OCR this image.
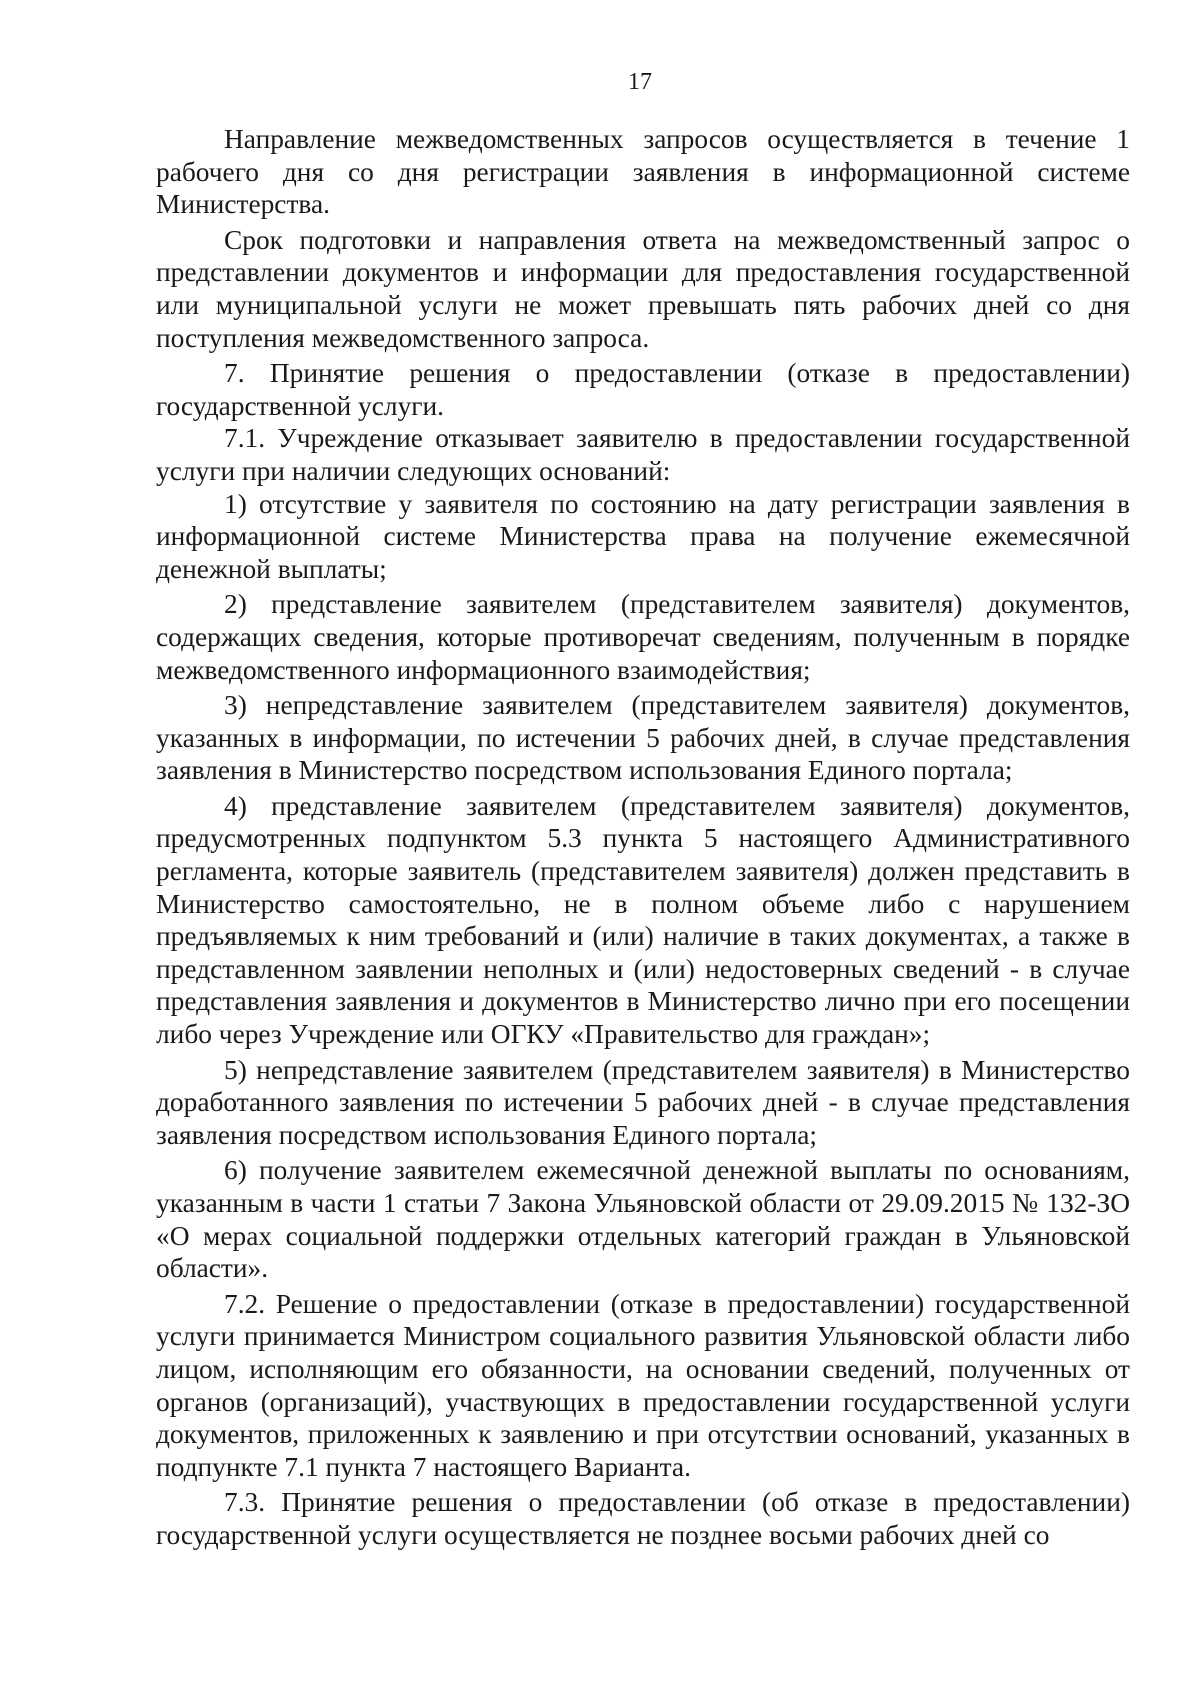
17

Направление межведомственных запросов осуществляется в течение 1 рабочего дня со дня регистрации заявления в информационной системе Министерства.

Срок подготовки и направления ответа на межведомственный запрос о представлении документов и информации для предоставления государственной или муниципальной услуги не может превышать пять рабочих дней со дня поступления межведомственного запроса.

7. Принятие решения о предоставлении (отказе в предоставлении) государственной услуги.

7.1. Учреждение отказывает заявителю в предоставлении государственной услуги при наличии следующих оснований:

1) отсутствие у заявителя по состоянию на дату регистрации заявления в информационной системе Министерства права на получение ежемесячной денежной выплаты;

2) представление заявителем (представителем заявителя) документов, содержащих сведения, которые противоречат сведениям, полученным в порядке межведомственного информационного взаимодействия;

3) непредставление заявителем (представителем заявителя) документов, указанных в информации, по истечении 5 рабочих дней, в случае представления заявления в Министерство посредством использования Единого портала;

4) представление заявителем (представителем заявителя) документов, предусмотренных подпунктом 5.3 пункта 5 настоящего Административного регламента, которые заявитель (представителем заявителя) должен представить в Министерство самостоятельно, не в полном объеме либо с нарушением предъявляемых к ним требований и (или) наличие в таких документах, а также в представленном заявлении неполных и (или) недостоверных сведений - в случае представления заявления и документов в Министерство лично при его посещении либо через Учреждение или ОГКУ «Правительство для граждан»;

5) непредставление заявителем (представителем заявителя) в Министерство доработанного заявления по истечении 5 рабочих дней - в случае представления заявления посредством использования Единого портала;

6) получение заявителем ежемесячной денежной выплаты по основаниям, указанным в части 1 статьи 7 Закона Ульяновской области от 29.09.2015 № 132-ЗО «О мерах социальной поддержки отдельных категорий граждан в Ульяновской области».

7.2. Решение о предоставлении (отказе в предоставлении) государственной услуги принимается Министром социального развития Ульяновской области либо лицом, исполняющим его обязанности, на основании сведений, полученных от органов (организаций), участвующих в предоставлении государственной услуги документов, приложенных к заявлению и при отсутствии оснований, указанных в подпункте 7.1 пункта 7 настоящего Варианта.

7.3. Принятие решения о предоставлении (об отказе в предоставлении) государственной услуги осуществляется не позднее восьми рабочих дней со
